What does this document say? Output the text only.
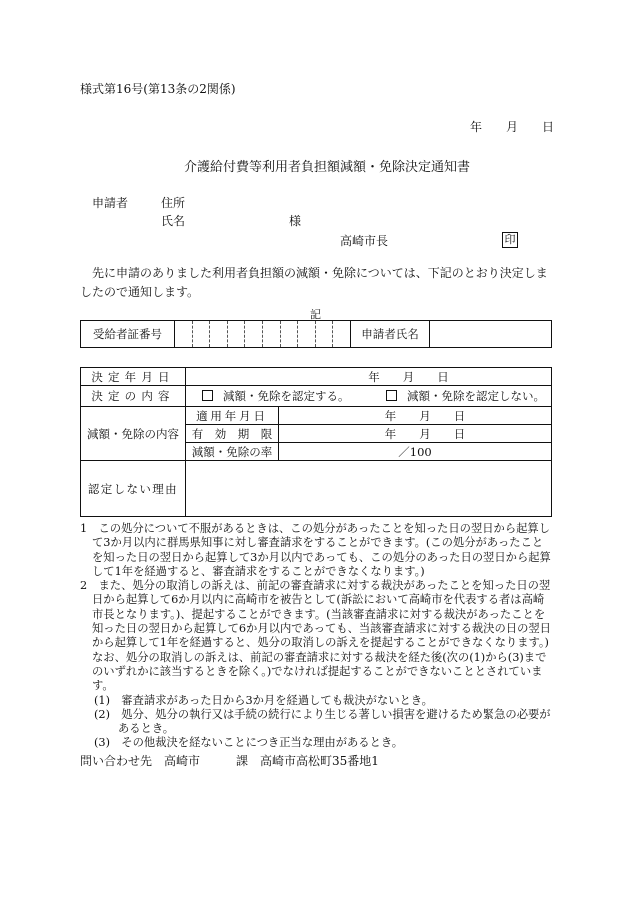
様式第16号(第13条の2関係)
年　　月　　日
介護給付費等利用者負担額減額・免除決定通知書
申請者	住所
氏名	様
高崎市長	印
先に申請のありました利用者負担額の減額・免除については、下記のとおり決定しましたので通知します。
記
受給者証番号		申請者氏名	
決定年月日	年　　月　　日	
決定の内容	減額・免除を認定する。 減額・免除を認定しない。	

減額・免除の内容	適用年月日	年　　月　　日
	有　効　期　限	年　　月　　日
	減額・免除の率	／100
認定しない理由		

1　この処分について不服があるときは、この処分があったことを知った日の翌日から起算して3か月以内に群馬県知事に対し審査請求をすることができます。(この処分があったことを知った日の翌日から起算して3か月以内であっても、この処分のあった日の翌日から起算して1年を経過すると、審査請求をすることができなくなります。)

2　また、処分の取消しの訴えは、前記の審査請求に対する裁決があったことを知った日の翌日から起算して6か月以内に高崎市を被告として(訴訟において高崎市を代表する者は高崎市長となります。)、提起することができます。(当該審査請求に対する裁決があったことを知った日の翌日から起算して6か月以内であっても、当該審査請求に対する裁決の日の翌日から起算して1年を経過すると、処分の取消しの訴えを提起することができなくなります。)なお、処分の取消しの訴えは、前記の審査請求に対する裁決を経た後(次の(1)から(3)までのいずれかに該当するときを除く。)でなければ提起することができないこととされています。

(1)　審査請求があった日から3か月を経過しても裁決がないとき。

(2)　処分、処分の執行又は手続の続行により生じる著しい損害を避けるため緊急の必要があるとき。

(3)　その他裁決を経ないことにつき正当な理由があるとき。

問い合わせ先　高崎市　　　課　高崎市高松町35番地1
